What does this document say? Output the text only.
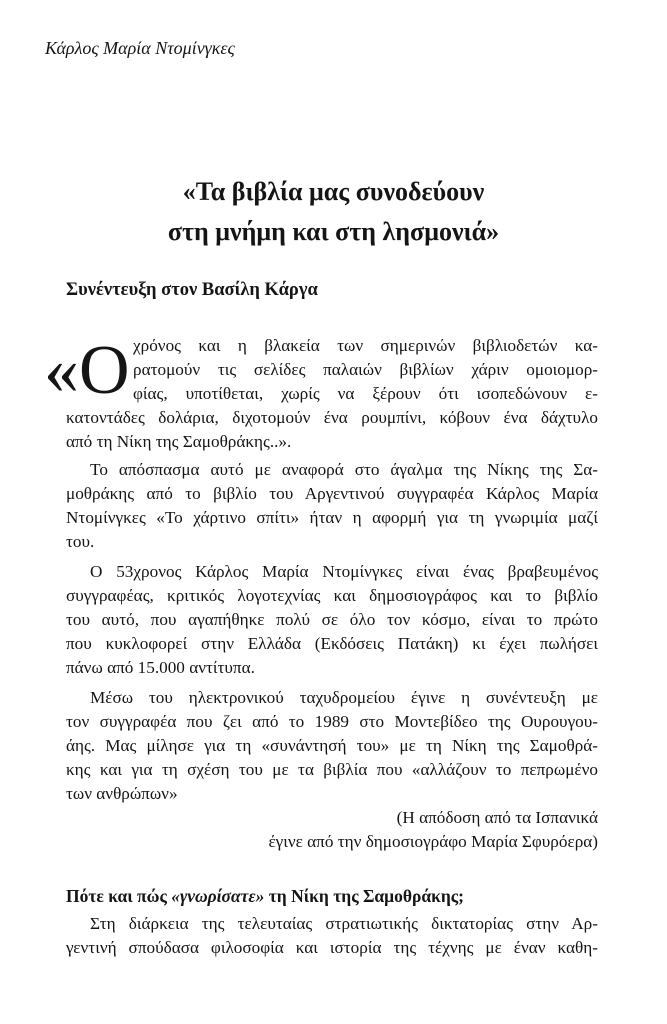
Κάρλος Μαρία Ντομίνγκες
«Τα βιβλία μας συνοδεύουν
στη μνήμη και στη λησμονιά»
Συνέντευξη στον Βασίλη Κάργα
«Ο χρόνος και η βλακεία των σημερινών βιβλιοδετών κα-
ρατομούν τις σελίδες παλαιών βιβλίων χάριν ομοιομορ-
φίας, υποτίθεται, χωρίς να ξέρουν ότι ισοπεδώνουν ε-
κατοντάδες δολάρια, διχοτομούν ένα ρουμπίνι, κόβουν ένα δάχτυλο
από τη Νίκη της Σαμοθράκης..».
Το απόσπασμα αυτό με αναφορά στο άγαλμα της Νίκης της Σα-
μοθράκης από το βιβλίο του Αργεντινού συγγραφέα Κάρλος Μαρία
Ντομίνγκες «Το χάρτινο σπίτι» ήταν η αφορμή για τη γνωριμία μαζί
του.
Ο 53χρονος Κάρλος Μαρία Ντομίνγκες είναι ένας βραβευμένος
συγγραφέας, κριτικός λογοτεχνίας και δημοσιογράφος και το βιβλίο
του αυτό, που αγαπήθηκε πολύ σε όλο τον κόσμο, είναι το πρώτο
που κυκλοφορεί στην Ελλάδα (Εκδόσεις Πατάκη) κι έχει πωλήσει
πάνω από 15.000 αντίτυπα.
Μέσω του ηλεκτρονικού ταχυδρομείου έγινε η συνέντευξη με
τον συγγραφέα που ζει από το 1989 στο Μοντεβίδεο της Ουρουγου-
άης. Μας μίλησε για τη «συνάντησή του» με τη Νίκη της Σαμοθρά-
κης και για τη σχέση του με τα βιβλία που «αλλάζουν το πεπρωμένο
των ανθρώπων»
(Η απόδοση από τα Ισπανικά
έγινε από την δημοσιογράφο Μαρία Σφυρόερα)
Πότε και πώς «γνωρίσατε» τη Νίκη της Σαμοθράκης;
Στη διάρκεια της τελευταίας στρατιωτικής δικτατορίας στην Αρ-
γεντινή σπούδασα φιλοσοφία και ιστορία της τέχνης με έναν καθη-
